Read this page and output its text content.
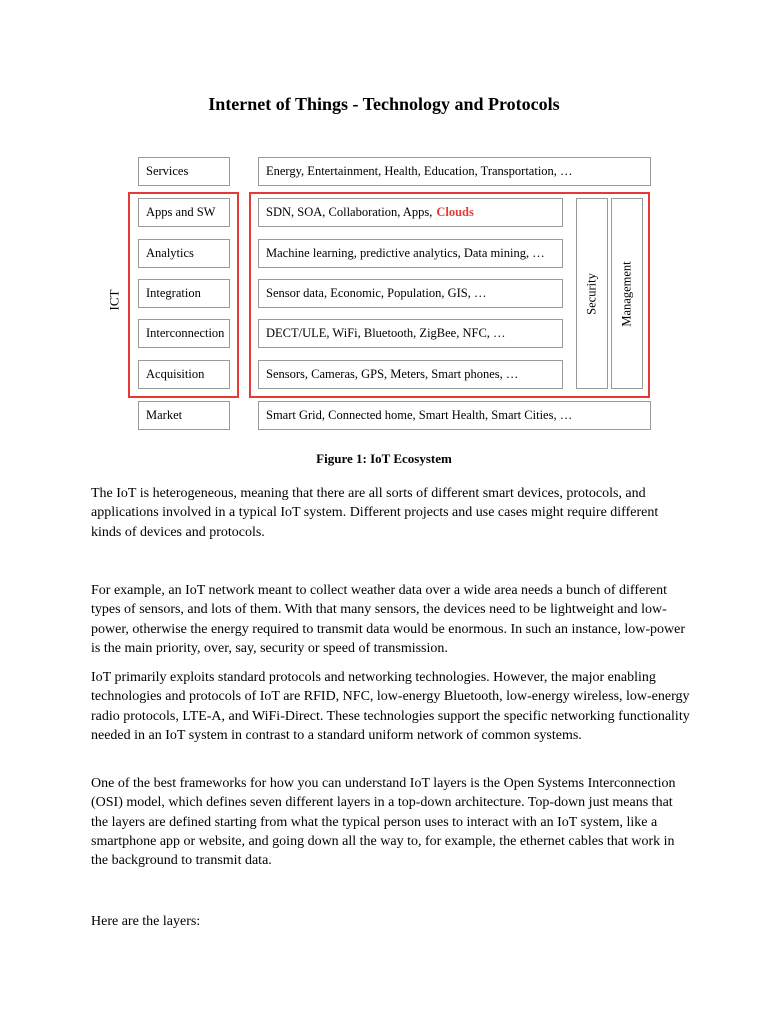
Internet of Things - Technology and Protocols
ICT
Services
Apps and SW
Analytics
Integration
Interconnection
Acquisition
Market
Energy, Entertainment, Health, Education, Transportation, …
SDN, SOA, Collaboration, Apps, Clouds
Machine learning, predictive analytics, Data mining, …
Sensor data, Economic, Population, GIS, …
DECT/ULE, WiFi, Bluetooth, ZigBee, NFC, …
Sensors, Cameras, GPS, Meters, Smart phones, …
Smart Grid, Connected home, Smart Health, Smart Cities, …
Security Management
Figure 1: IoT Ecosystem

The IoT is heterogeneous, meaning that there are all sorts of different smart devices, protocols, and applications involved in a typical IoT system. Different projects and use cases might require different kinds of devices and protocols.

For example, an IoT network meant to collect weather data over a wide area needs a bunch of different types of sensors, and lots of them. With that many sensors, the devices need to be lightweight and low-power, otherwise the energy required to transmit data would be enormous. In such an instance, low-power is the main priority, over, say, security or speed of transmission.

IoT primarily exploits standard protocols and networking technologies. However, the major enabling technologies and protocols of IoT are RFID, NFC, low-energy Bluetooth, low-energy wireless, low-energy radio protocols, LTE-A, and WiFi-Direct. These technologies support the specific networking functionality needed in an IoT system in contrast to a standard uniform network of common systems.

One of the best frameworks for how you can understand IoT layers is the Open Systems Interconnection (OSI) model, which defines seven different layers in a top-down architecture. Top-down just means that the layers are defined starting from what the typical person uses to interact with an IoT system, like a smartphone app or website, and going down all the way to, for example, the ethernet cables that work in the background to transmit data.

Here are the layers:
